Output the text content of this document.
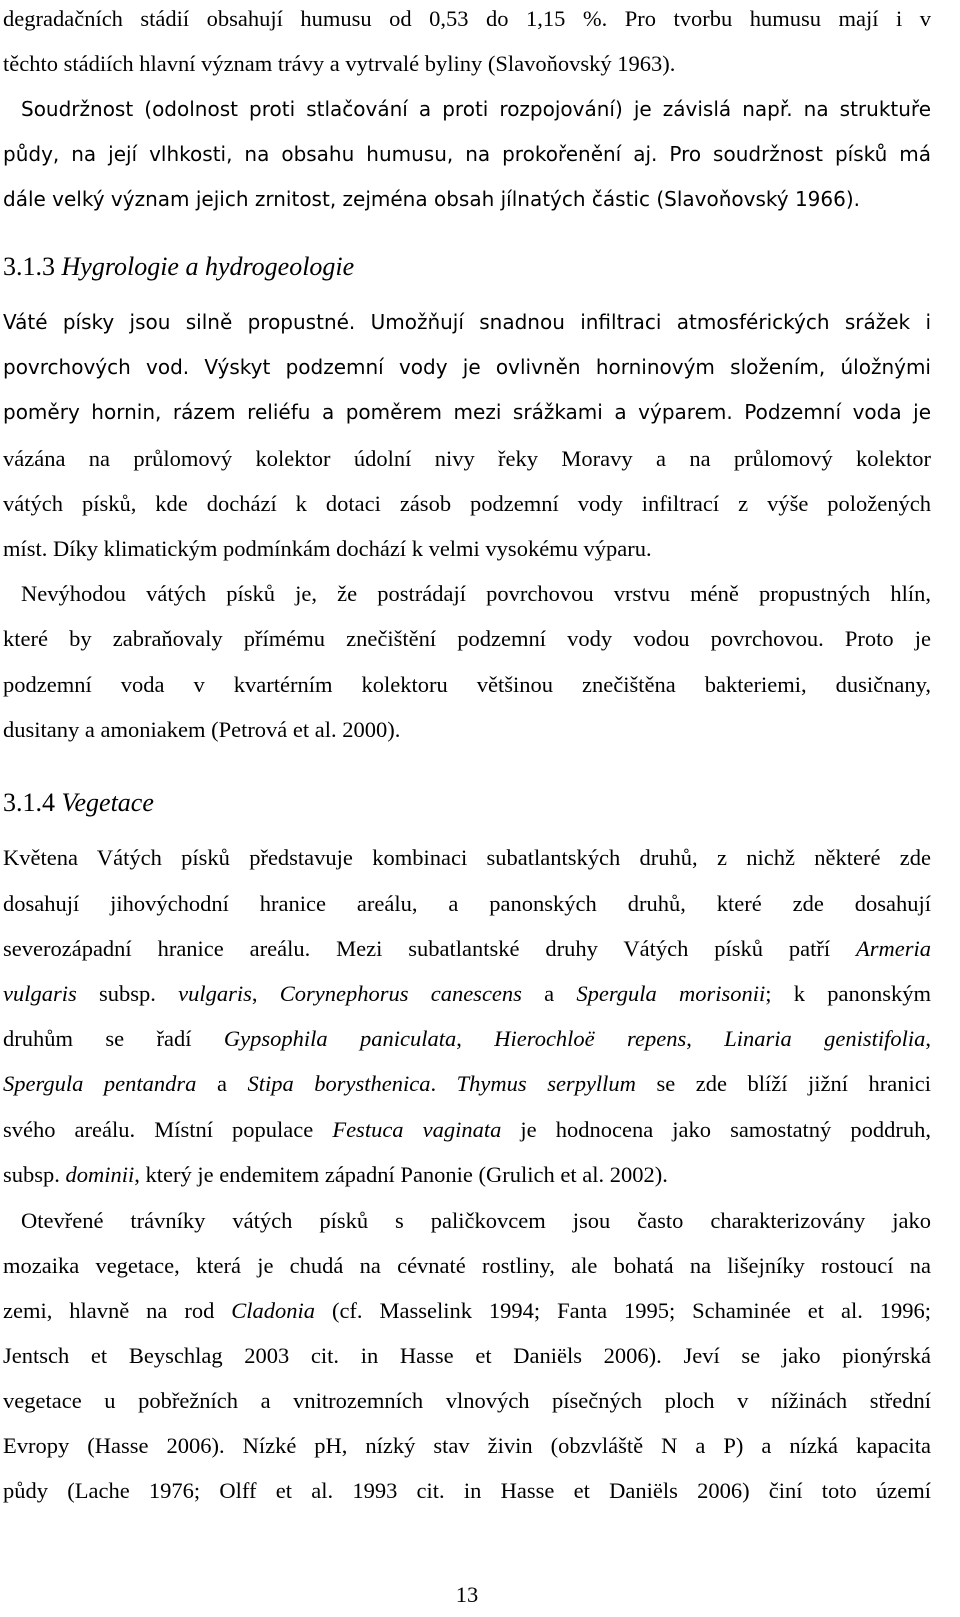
degradačních stádií obsahují humusu od 0,53 do 1,15 %. Pro tvorbu humusu mají i v
těchto stádiích hlavní význam trávy a vytrvalé byliny (Slavoňovský 1963).
Soudržnost (odolnost proti stlačování a proti rozpojování) je závislá např. na struktuře
půdy, na její vlhkosti, na obsahu humusu, na prokořenění aj. Pro soudržnost písků má
dále velký význam jejich zrnitost, zejména obsah jílnatých částic (Slavoňovský 1966).
3.1.3 Hygrologie a hydrogeologie
Váté písky jsou silně propustné. Umožňují snadnou infiltraci atmosférických srážek i
povrchových vod. Výskyt podzemní vody je ovlivněn horninovým složením, úložnými
poměry hornin, rázem reliéfu a poměrem mezi srážkami a výparem. Podzemní voda je
vázána na průlomový kolektor údolní nivy řeky Moravy a na průlomový kolektor
vátých písků, kde dochází k dotaci zásob podzemní vody infiltrací z výše položených
míst. Díky klimatickým podmínkám dochází k velmi vysokému výparu.
Nevýhodou vátých písků je, že postrádají povrchovou vrstvu méně propustných hlín,
které by zabraňovaly přímému znečištění podzemní vody vodou povrchovou. Proto je
podzemní voda v kvartérním kolektoru většinou znečištěna bakteriemi, dusičnany,
dusitany a amoniakem (Petrová et al. 2000).
3.1.4 Vegetace
Květena Vátých písků představuje kombinaci subatlantských druhů, z nichž některé zde
dosahují jihovýchodní hranice areálu, a panonských druhů, které zde dosahují
severozápadní hranice areálu. Mezi subatlantské druhy Vátých písků patří Armeria
vulgaris subsp. vulgaris, Corynephorus canescens a Spergula morisonii; k panonským
druhům se řadí Gypsophila paniculata, Hierochloë repens, Linaria genistifolia,
Spergula pentandra a Stipa borysthenica. Thymus serpyllum se zde blíží jižní hranici
svého areálu. Místní populace Festuca vaginata je hodnocena jako samostatný poddruh,
subsp. dominii, který je endemitem západní Panonie (Grulich et al. 2002).
Otevřené trávníky vátých písků s paličkovcem jsou často charakterizovány jako
mozaika vegetace, která je chudá na cévnaté rostliny, ale bohatá na lišejníky rostoucí na
zemi, hlavně na rod Cladonia (cf. Masselink 1994; Fanta 1995; Schaminée et al. 1996;
Jentsch et Beyschlag 2003 cit. in Hasse et Daniëls 2006). Jeví se jako pionýrská
vegetace u pobřežních a vnitrozemních vlnových písečných ploch v nížinách střední
Evropy (Hasse 2006). Nízké pH, nízký stav živin (obzvláště N a P) a nízká kapacita
půdy (Lache 1976; Olff et al. 1993 cit. in Hasse et Daniëls 2006) činí toto území
13
